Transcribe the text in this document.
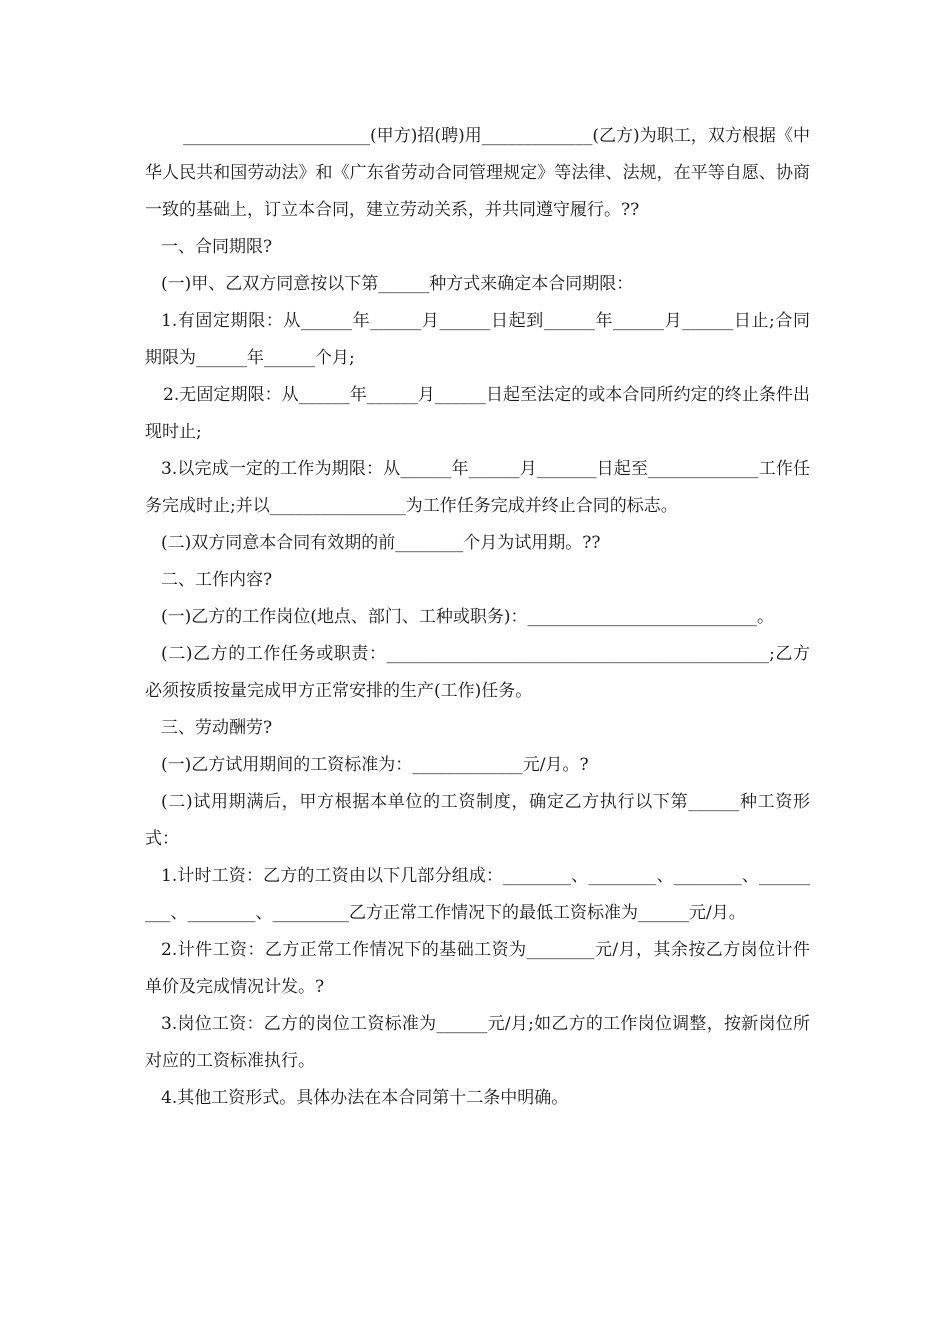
______________________(甲方)招(聘)用_____________(乙方)为职工，双方根据《中华人民共和国劳动法》和《广东省劳动合同管理规定》等法律、法规，在平等自愿、协商一致的基础上，订立本合同，建立劳动关系，并共同遵守履行。??

一、合同期限?

(一)甲、乙双方同意按以下第______种方式来确定本合同期限：

1.有固定期限：从______年______月______日起到______年______月______日止;合同期限为______年______个月;

2.无固定期限：从______年______月______日起至法定的或本合同所约定的终止条件出现时止;

3.以完成一定的工作为期限：从______年______月_______日起至_____________工作任务完成时止;并以________________为工作任务完成并终止合同的标志。

(二)双方同意本合同有效期的前________个月为试用期。??

二、工作内容?

(一)乙方的工作岗位(地点、部门、工种或职务)：___________________________。

(二)乙方的工作任务或职责：_____________________________________________;乙方必须按质按量完成甲方正常安排的生产(工作)任务。

三、劳动酬劳?

(一)乙方试用期间的工资标准为：_____________元/月。?

(二)试用期满后，甲方根据本单位的工资制度，确定乙方执行以下第______种工资形式：

1.计时工资：乙方的工资由以下几部分组成：________、________、________、_________、________、_________乙方正常工作情况下的最低工资标准为______元/月。

2.计件工资：乙方正常工作情况下的基础工资为________元/月，其余按乙方岗位计件单价及完成情况计发。?

3.岗位工资：乙方的岗位工资标准为______元/月;如乙方的工作岗位调整，按新岗位所对应的工资标准执行。

4.其他工资形式。具体办法在本合同第十二条中明确。
